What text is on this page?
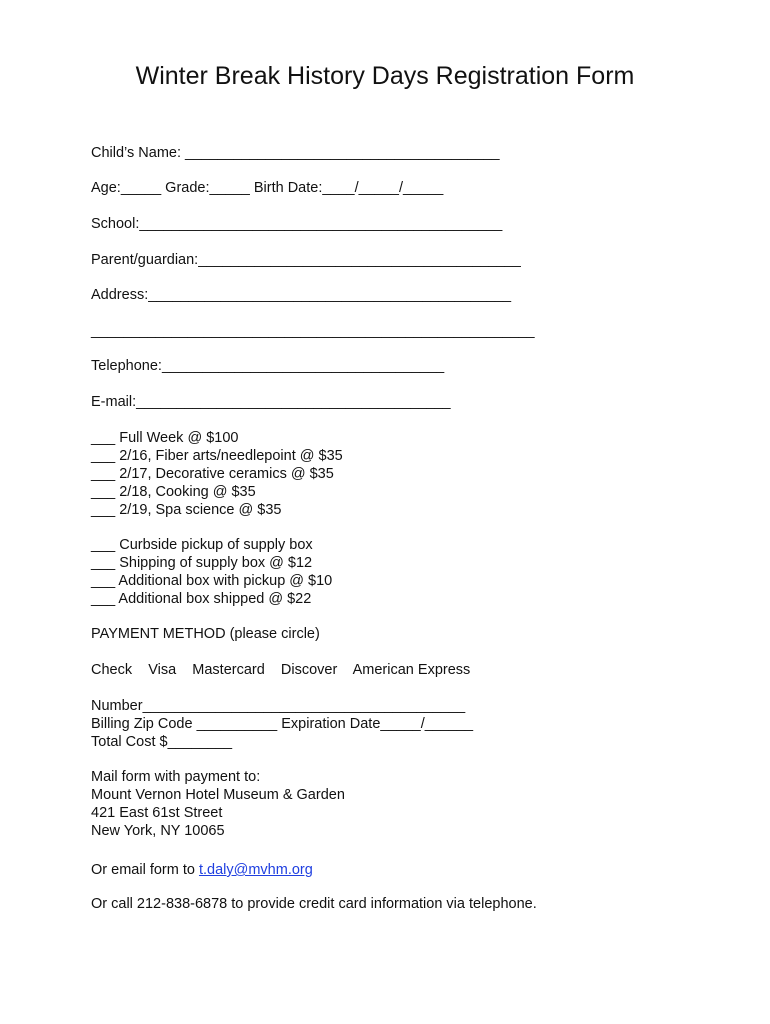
Winter Break History Days Registration Form
Child’s Name: _______________________________________
Age:_____ Grade:_____ Birth Date:____/_____/_____
School:_____________________________________________
Parent/guardian:________________________________________
Address:_____________________________________________
_______________________________________________________
Telephone:___________________________________
E-mail:_______________________________________
___ Full Week @ $100
___ 2/16, Fiber arts/needlepoint @ $35
___ 2/17, Decorative ceramics @ $35
___ 2/18, Cooking @ $35
___ 2/19, Spa science @ $35
___ Curbside pickup of supply box
___ Shipping of supply box @ $12
___ Additional box with pickup @ $10
___ Additional box shipped @ $22
PAYMENT METHOD (please circle)
Check    Visa    Mastercard    Discover    American Express
Number________________________________________
Billing Zip Code __________ Expiration Date_____/______
Total Cost $________
Mail form with payment to:
Mount Vernon Hotel Museum & Garden
421 East 61st Street
New York, NY 10065
Or email form to t.daly@mvhm.org
Or call 212-838-6878 to provide credit card information via telephone.
